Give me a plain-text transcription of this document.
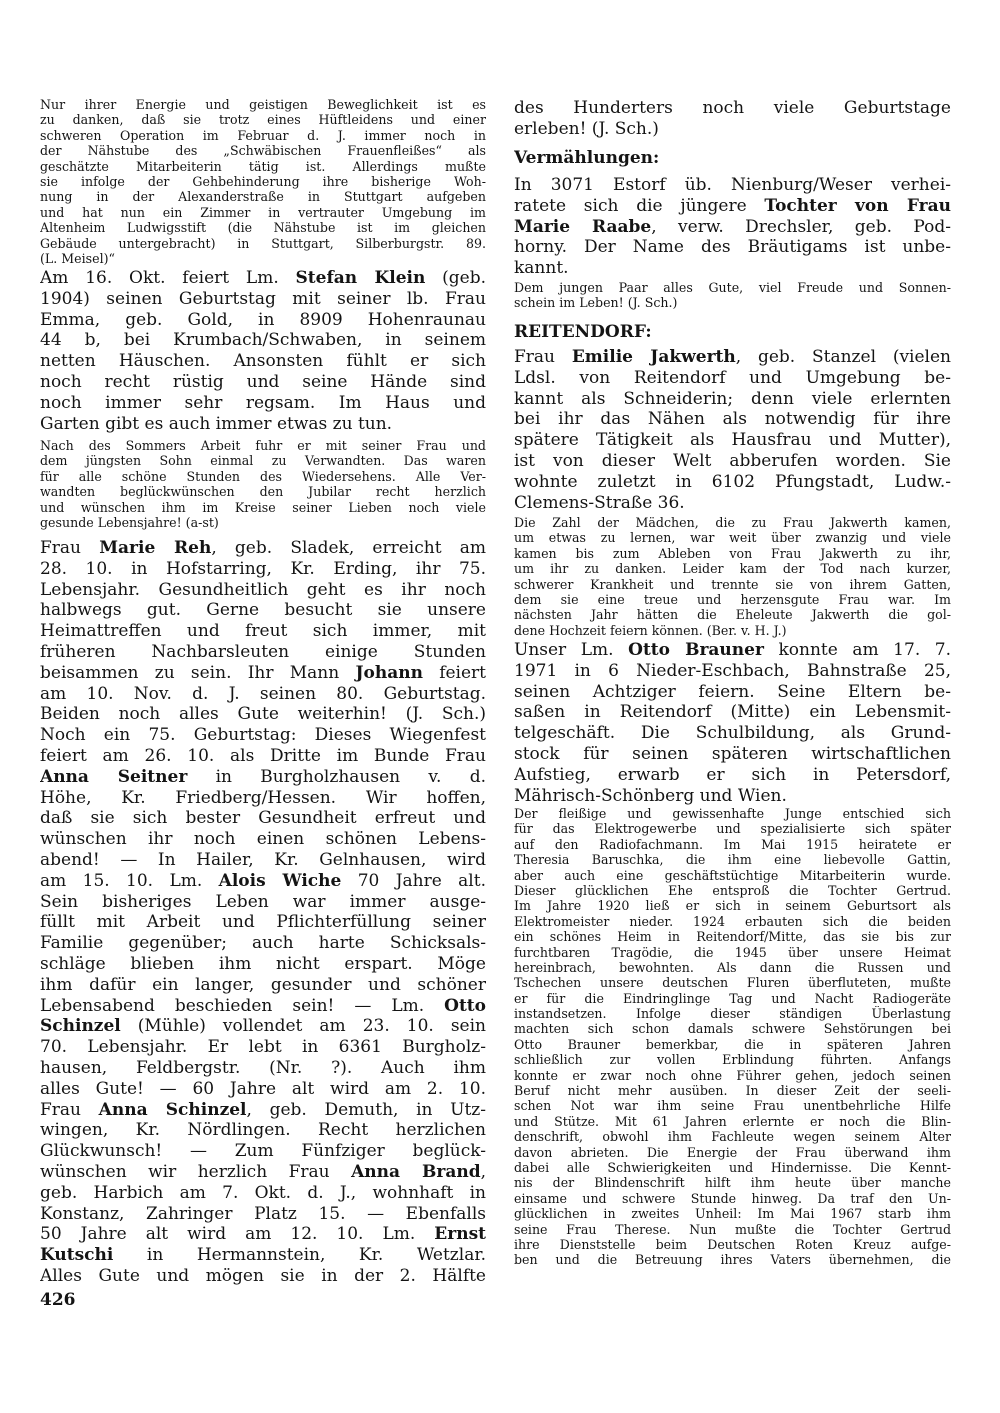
Nur ihrer Energie und geistigen Beweglichkeit ist es
zu danken, daß sie trotz eines Hüftleidens und einer
schweren Operation im Februar d. J. immer noch in
der Nähstube des „Schwäbischen Frauenfleißes“ als
geschätzte Mitarbeiterin tätig ist. Allerdings mußte
sie infolge der Gehbehinderung ihre bisherige Woh-
nung in der Alexanderstraße in Stuttgart aufgeben
und hat nun ein Zimmer in vertrauter Umgebung im
Altenheim Ludwigsstift (die Nähstube ist im gleichen
Gebäude untergebracht) in Stuttgart, Silberburgstr. 89.
(L. Meisel)“
Am 16. Okt. feiert Lm. Stefan Klein (geb.
1904) seinen Geburtstag mit seiner lb. Frau
Emma, geb. Gold, in 8909 Hohenraunau
44 b, bei Krumbach/Schwaben, in seinem
netten Häuschen. Ansonsten fühlt er sich
noch recht rüstig und seine Hände sind
noch immer sehr regsam. Im Haus und
Garten gibt es auch immer etwas zu tun.
Nach des Sommers Arbeit fuhr er mit seiner Frau und
dem jüngsten Sohn einmal zu Verwandten. Das waren
für alle schöne Stunden des Wiedersehens. Alle Ver-
wandten beglückwünschen den Jubilar recht herzlich
und wünschen ihm im Kreise seiner Lieben noch viele
gesunde Lebensjahre! (a-st)
Frau Marie Reh, geb. Sladek, erreicht am
28. 10. in Hofstarring, Kr. Erding, ihr 75.
Lebensjahr. Gesundheitlich geht es ihr noch
halbwegs gut. Gerne besucht sie unsere
Heimattreffen und freut sich immer, mit
früheren Nachbarsleuten einige Stunden
beisammen zu sein. Ihr Mann Johann feiert
am 10. Nov. d. J. seinen 80. Geburtstag.
Beiden noch alles Gute weiterhin! (J. Sch.)
Noch ein 75. Geburtstag: Dieses Wiegenfest
feiert am 26. 10. als Dritte im Bunde Frau
Anna Seitner in Burgholzhausen v. d.
Höhe, Kr. Friedberg/Hessen. Wir hoffen,
daß sie sich bester Gesundheit erfreut und
wünschen ihr noch einen schönen Lebens-
abend! — In Hailer, Kr. Gelnhausen, wird
am 15. 10. Lm. Alois Wiche 70 Jahre alt.
Sein bisheriges Leben war immer ausge-
füllt mit Arbeit und Pflichterfüllung seiner
Familie gegenüber; auch harte Schicksals-
schläge blieben ihm nicht erspart. Möge
ihm dafür ein langer, gesunder und schöner
Lebensabend beschieden sein! — Lm. Otto
Schinzel (Mühle) vollendet am 23. 10. sein
70. Lebensjahr. Er lebt in 6361 Burgholz-
hausen, Feldbergstr. (Nr. ?). Auch ihm
alles Gute! — 60 Jahre alt wird am 2. 10.
Frau Anna Schinzel, geb. Demuth, in Utz-
wingen, Kr. Nördlingen. Recht herzlichen
Glückwunsch! — Zum Fünfziger beglück-
wünschen wir herzlich Frau Anna Brand,
geb. Harbich am 7. Okt. d. J., wohnhaft in
Konstanz, Zahringer Platz 15. — Ebenfalls
50 Jahre alt wird am 12. 10. Lm. Ernst
Kutschi in Hermannstein, Kr. Wetzlar.
Alles Gute und mögen sie in der 2. Hälfte
des Hunderters noch viele Geburtstage
erleben! (J. Sch.)
Vermählungen:
In 3071 Estorf üb. Nienburg/Weser verhei-
ratete sich die jüngere Tochter von Frau
Marie Raabe, verw. Drechsler, geb. Pod-
horny. Der Name des Bräutigams ist unbe-
kannt.
Dem jungen Paar alles Gute, viel Freude und Sonnen-
schein im Leben! (J. Sch.)
REITENDORF:
Frau Emilie Jakwerth, geb. Stanzel (vielen
Ldsl. von Reitendorf und Umgebung be-
kannt als Schneiderin; denn viele erlernten
bei ihr das Nähen als notwendig für ihre
spätere Tätigkeit als Hausfrau und Mutter),
ist von dieser Welt abberufen worden. Sie
wohnte zuletzt in 6102 Pfungstadt, Ludw.-
Clemens-Straße 36.
Die Zahl der Mädchen, die zu Frau Jakwerth kamen,
um etwas zu lernen, war weit über zwanzig und viele
kamen bis zum Ableben von Frau Jakwerth zu ihr,
um ihr zu danken. Leider kam der Tod nach kurzer,
schwerer Krankheit und trennte sie von ihrem Gatten,
dem sie eine treue und herzensgute Frau war. Im
nächsten Jahr hätten die Eheleute Jakwerth die gol-
dene Hochzeit feiern können. (Ber. v. H. J.)
Unser Lm. Otto Brauner konnte am 17. 7.
1971 in 6 Nieder-Eschbach, Bahnstraße 25,
seinen Achtziger feiern. Seine Eltern be-
saßen in Reitendorf (Mitte) ein Lebensmit-
telgeschäft. Die Schulbildung, als Grund-
stock für seinen späteren wirtschaftlichen
Aufstieg, erwarb er sich in Petersdorf,
Mährisch-Schönberg und Wien.
Der fleißige und gewissenhafte Junge entschied sich
für das Elektrogewerbe und spezialisierte sich später
auf den Radiofachmann. Im Mai 1915 heiratete er
Theresia Baruschka, die ihm eine liebevolle Gattin,
aber auch eine geschäftstüchtige Mitarbeiterin wurde.
Dieser glücklichen Ehe entsproß die Tochter Gertrud.
Im Jahre 1920 ließ er sich in seinem Geburtsort als
Elektromeister nieder. 1924 erbauten sich die beiden
ein schönes Heim in Reitendorf/Mitte, das sie bis zur
furchtbaren Tragödie, die 1945 über unsere Heimat
hereinbrach, bewohnten. Als dann die Russen und
Tschechen unsere deutschen Fluren überfluteten, mußte
er für die Eindringlinge Tag und Nacht Radiogeräte
instandsetzen. Infolge dieser ständigen Überlastung
machten sich schon damals schwere Sehstörungen bei
Otto Brauner bemerkbar, die in späteren Jahren
schließlich zur vollen Erblindung führten. Anfangs
konnte er zwar noch ohne Führer gehen, jedoch seinen
Beruf nicht mehr ausüben. In dieser Zeit der seeli-
schen Not war ihm seine Frau unentbehrliche Hilfe
und Stütze. Mit 61 Jahren erlernte er noch die Blin-
denschrift, obwohl ihm Fachleute wegen seinem Alter
davon abrieten. Die Energie der Frau überwand ihm
dabei alle Schwierigkeiten und Hindernisse. Die Kennt-
nis der Blindenschrift hilft ihm heute über manche
einsame und schwere Stunde hinweg. Da traf den Un-
glücklichen in zweites Unheil: Im Mai 1967 starb ihm
seine Frau Therese. Nun mußte die Tochter Gertrud
ihre Dienststelle beim Deutschen Roten Kreuz aufge-
ben und die Betreuung ihres Vaters übernehmen, die
426
